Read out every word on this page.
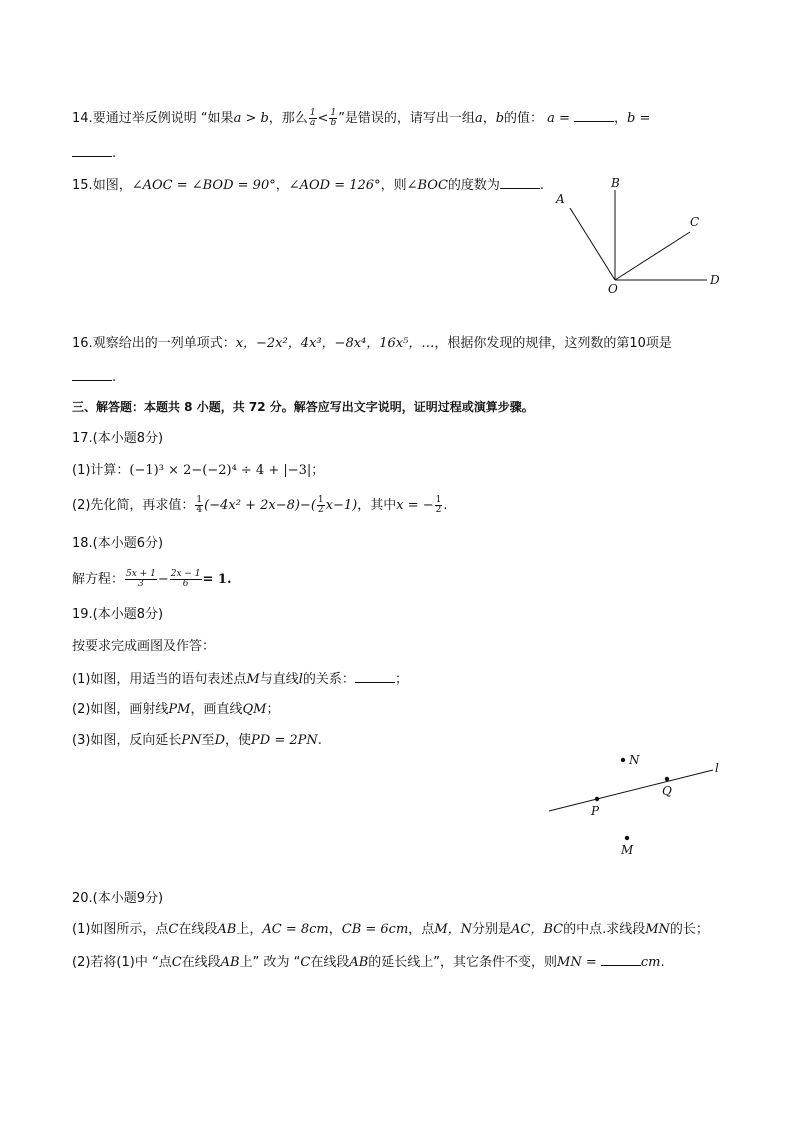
14.要通过举反例说明 “如果a > b，那么 $\frac{1}{a} < \frac{1}{b}$ ”是错误的，请写出一组a，b的值： a =	，b =
.
15.如图，∠AOC = ∠BOD = 90°，∠AOD = 126°，则∠BOC的度数为	.
A
B
C
D
O
16.观察给出的一列单项式：x，−2x²，4x³，−8x⁴，16x⁵，…，根据你发现的规律，这列数的第10项是
.
三、解答题：本题共 8 小题，共 72 分。解答应写出文字说明，证明过程或演算步骤。
17.(本小题8分)
(1)计算：(−1)³ × 2−(−2)⁴ ÷ 4 + |−3|；
(2)先化简，再求值： $\frac{1}{4} (-4x^2 + 2x-8)-( \frac{1}{2} x-1)$，其中x = − $\frac{1}{2}$ .
18.(本小题6分)
解方程： $\frac{5x + 1}{3} - \frac{2x - 1}{6} = 1$.
19.(本小题8分)
按要求完成画图及作答：
(1)如图，用适当的语句表述点M与直线l的关系：	；
(2)如图，画射线PM，画直线QM；
(3)如图，反向延长PN至D，使PD = 2PN.
N
l
Q
P
M
20.(本小题9分)
(1)如图所示，点C在线段AB上，AC = 8cm，CB = 6cm，点M，N分别是AC，BC的中点.求线段MN的长；
(2)若将(1)中 “点C在线段AB上” 改为 “C在线段AB的延长线上”，其它条件不变，则MN =	cm.
